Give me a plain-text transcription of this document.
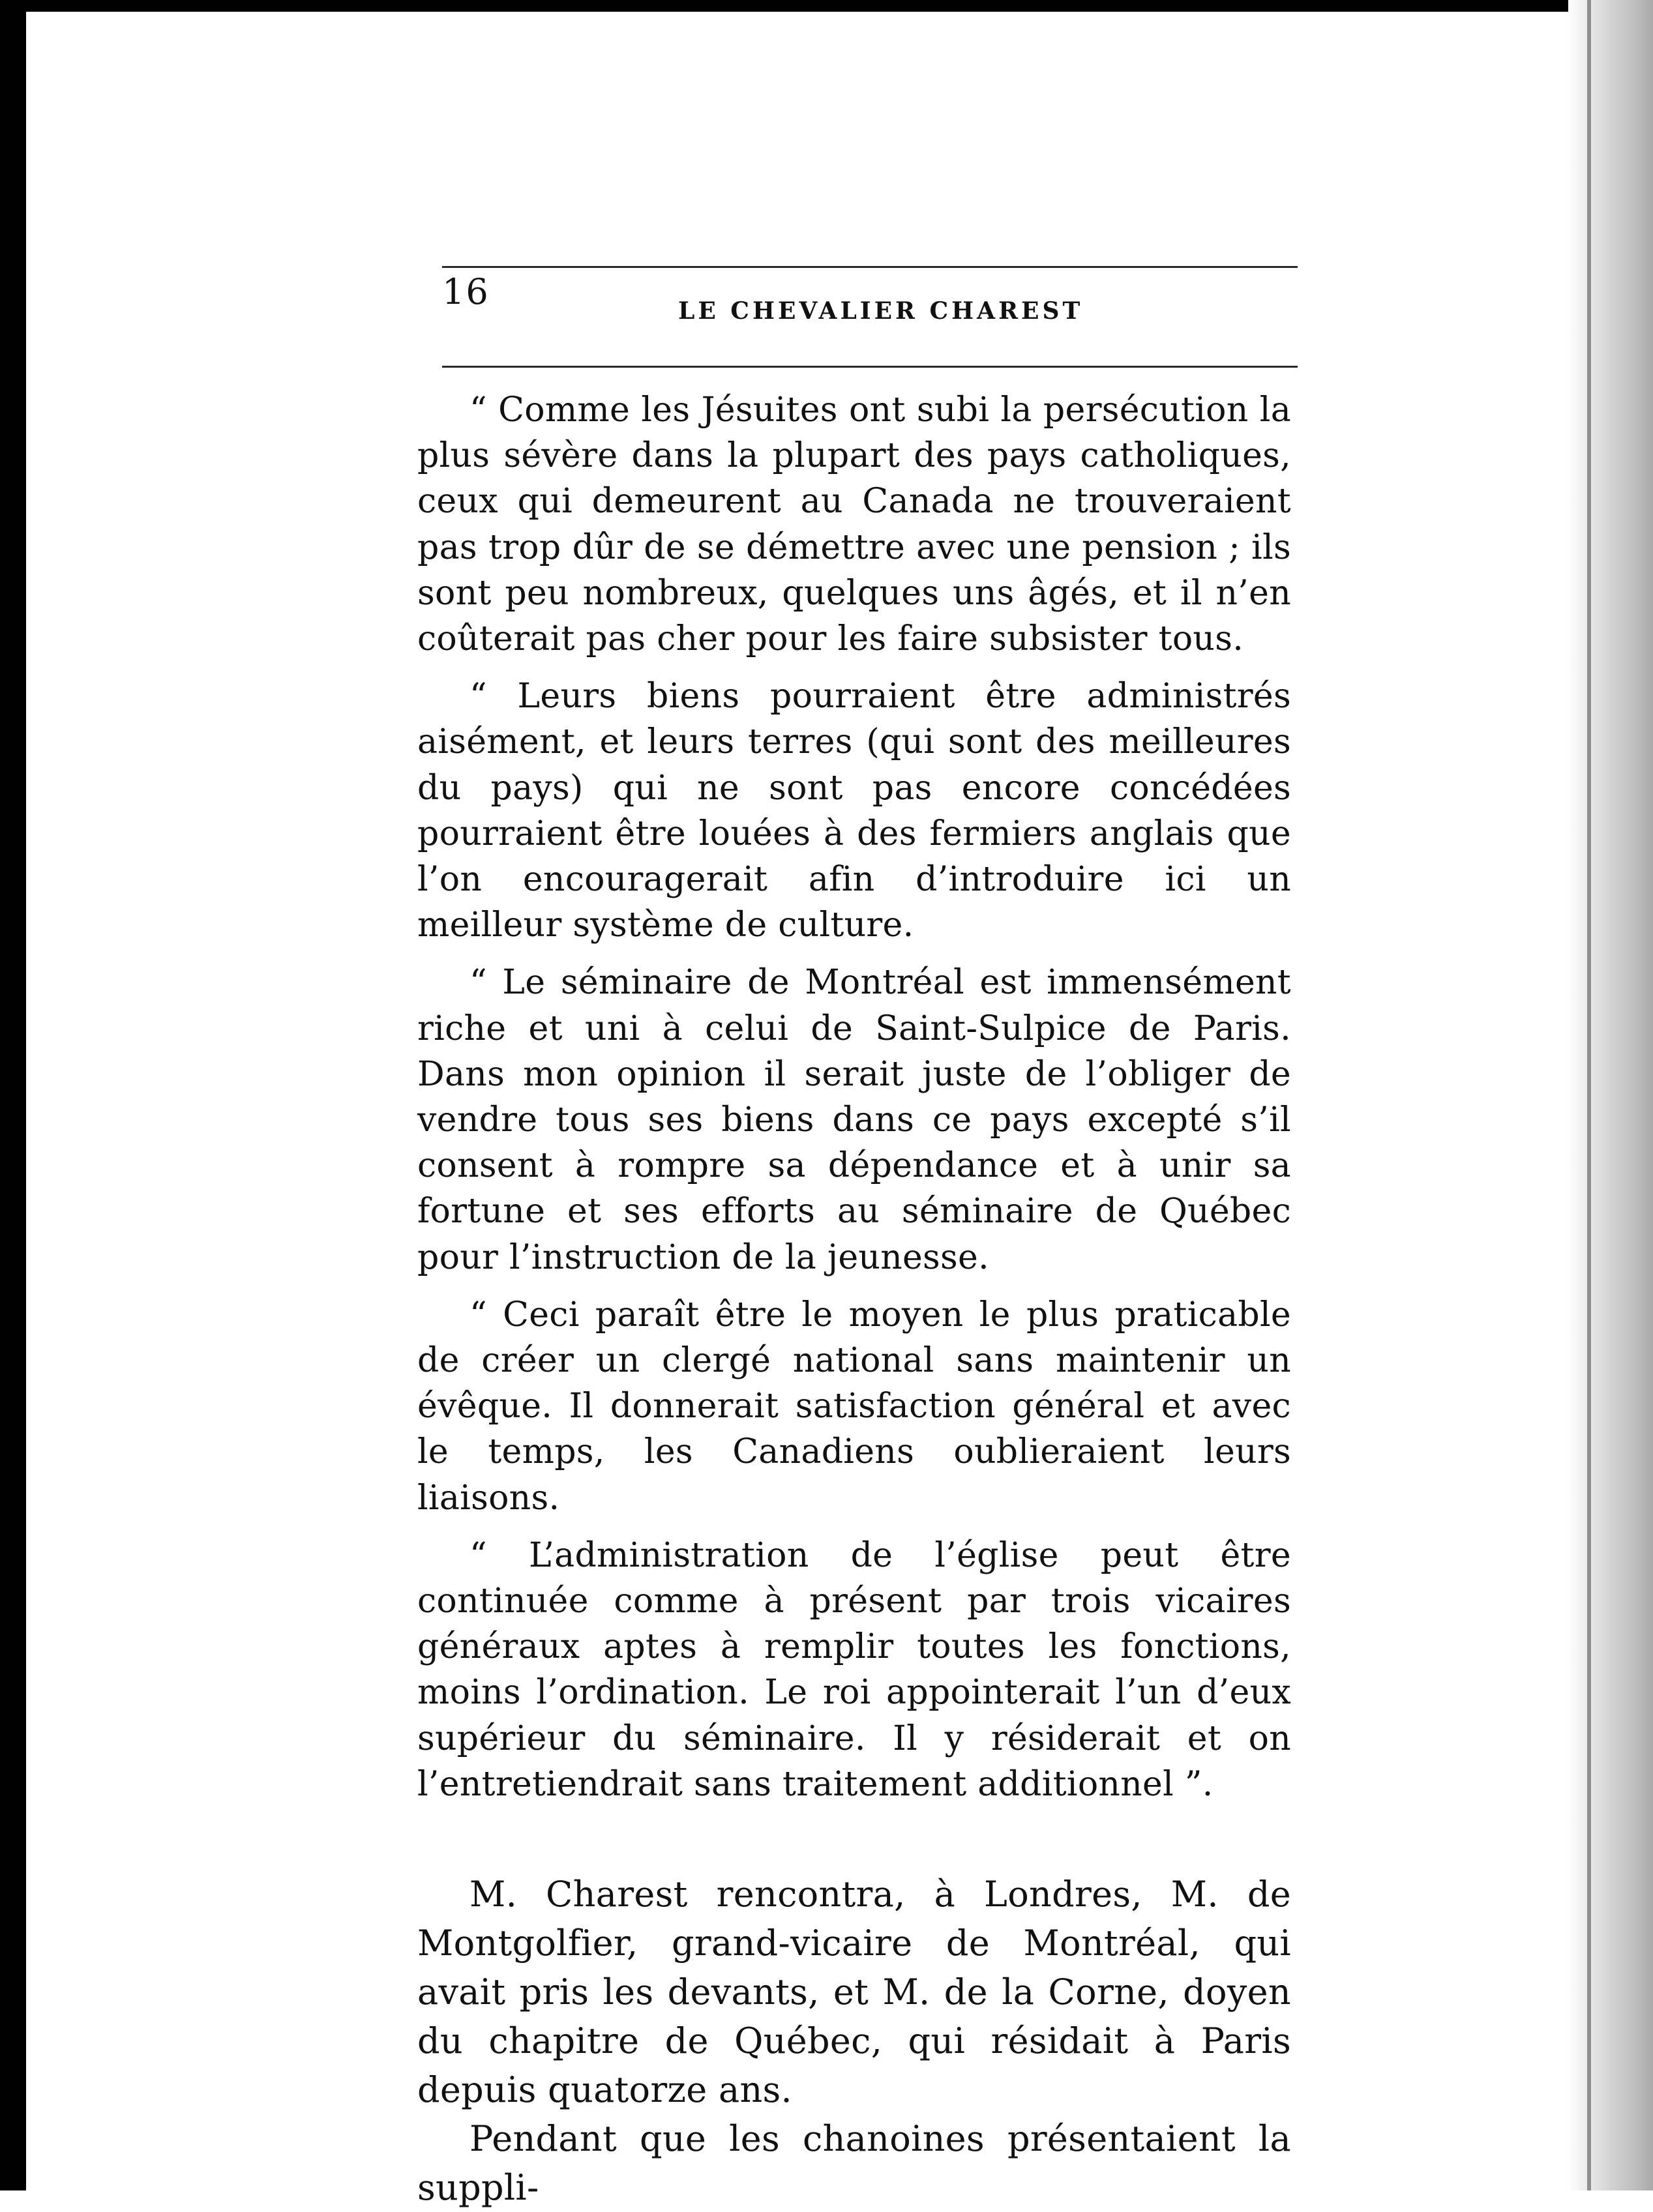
16	LE CHEVALIER CHAREST

“ Comme les Jésuites ont subi la persécution la plus sévère dans la plupart des pays catholiques, ceux qui demeurent au Canada ne trouveraient pas trop dûr de se démettre avec une pension ; ils sont peu nombreux, quelques uns âgés, et il n’en coûterait pas cher pour les faire subsister tous.

“ Leurs biens pourraient être administrés aisément, et leurs terres (qui sont des meilleures du pays) qui ne sont pas encore concédées pourraient être louées à des fermiers anglais que l’on encouragerait afin d’introduire ici un meilleur système de culture.

“ Le séminaire de Montréal est immensément riche et uni à celui de Saint-Sulpice de Paris. Dans mon opinion il serait juste de l’obliger de vendre tous ses biens dans ce pays excepté s’il consent à rompre sa dépendance et à unir sa fortune et ses efforts au séminaire de Québec pour l’instruction de la jeunesse.

“ Ceci paraît être le moyen le plus praticable de créer un clergé national sans maintenir un évêque. Il donnerait satisfaction général et avec le temps, les Canadiens oublieraient leurs liaisons.

“ L’administration de l’église peut être continuée comme à présent par trois vicaires généraux aptes à remplir toutes les fonctions, moins l’ordination. Le roi appointerait l’un d’eux supérieur du séminaire. Il y résiderait et on l’entretiendrait sans traitement additionnel ”.

M. Charest rencontra, à Londres, M. de Montgolfier, grand-vicaire de Montréal, qui avait pris les devants, et M. de la Corne, doyen du chapitre de Québec, qui résidait à Paris depuis quatorze ans.

Pendant que les chanoines présentaient la suppli-
